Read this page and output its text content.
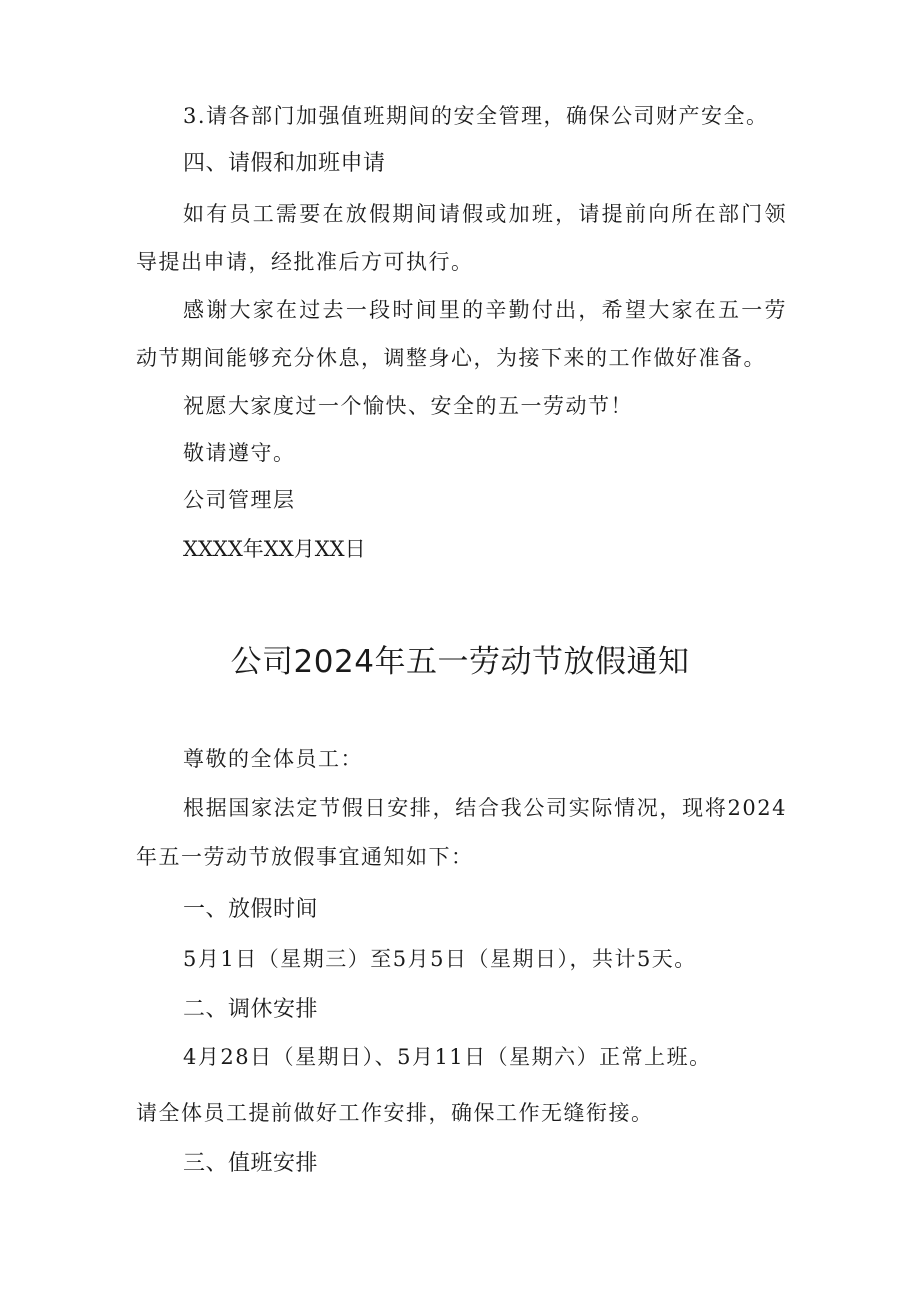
3.请各部门加强值班期间的安全管理，确保公司财产安全。
四、请假和加班申请
如有员工需要在放假期间请假或加班，请提前向所在部门领
导提出申请，经批准后方可执行。
感谢大家在过去一段时间里的辛勤付出，希望大家在五一劳
动节期间能够充分休息，调整身心，为接下来的工作做好准备。
祝愿大家度过一个愉快、安全的五一劳动节！
敬请遵守。
公司管理层
XXXX年XX月XX日
公司2024年五一劳动节放假通知
尊敬的全体员工：
根据国家法定节假日安排，结合我公司实际情况，现将2024
年五一劳动节放假事宜通知如下：
一、放假时间
5月1日（星期三）至5月5日（星期日），共计5天。
二、调休安排
4月28日（星期日）、5月11日（星期六）正常上班。
请全体员工提前做好工作安排，确保工作无缝衔接。
三、值班安排
